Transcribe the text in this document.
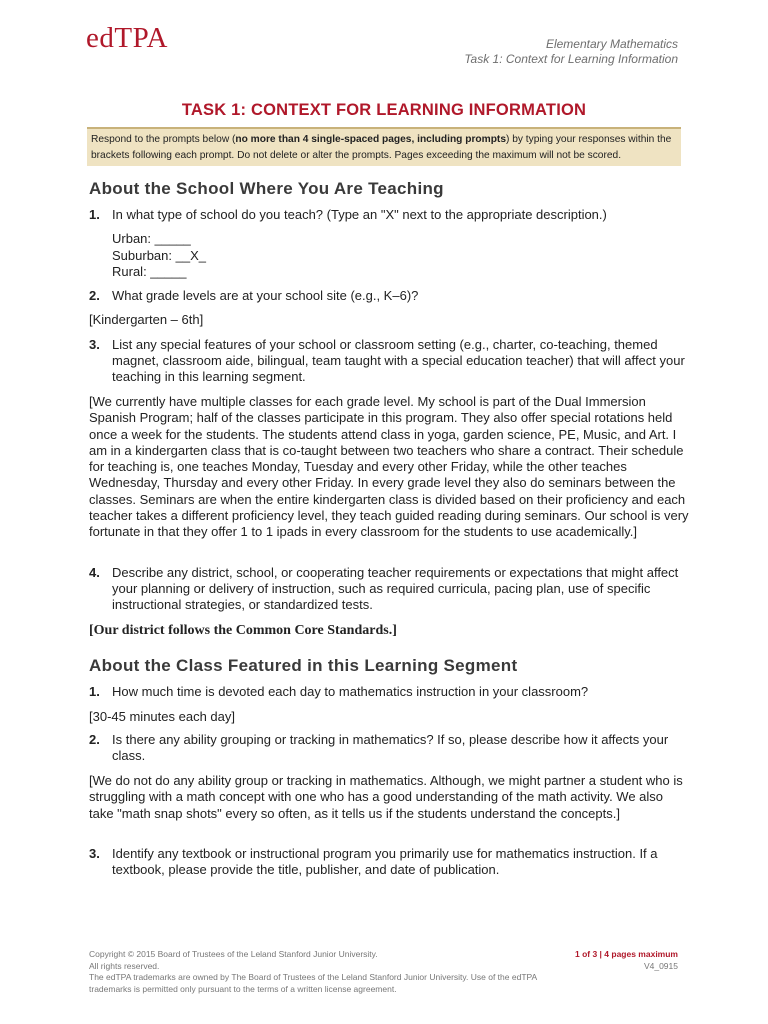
edTPA	Elementary Mathematics
Task 1: Context for Learning Information
TASK 1: CONTEXT FOR LEARNING INFORMATION
Respond to the prompts below (no more than 4 single-spaced pages, including prompts) by typing your responses within the brackets following each prompt. Do not delete or alter the prompts. Pages exceeding the maximum will not be scored.
About the School Where You Are Teaching
1. In what type of school do you teach? (Type an "X" next to the appropriate description.)
Urban: _____
Suburban: __X_
Rural: _____
2. What grade levels are at your school site (e.g., K–6)?
[Kindergarten – 6th]
3. List any special features of your school or classroom setting (e.g., charter, co-teaching, themed magnet, classroom aide, bilingual, team taught with a special education teacher) that will affect your teaching in this learning segment.
[We currently have multiple classes for each grade level. My school is part of the Dual Immersion Spanish Program; half of the classes participate in this program. They also offer special rotations held once a week for the students. The students attend class in yoga, garden science, PE, Music, and Art. I am in a kindergarten class that is co-taught between two teachers who share a contract. Their schedule for teaching is, one teaches Monday, Tuesday and every other Friday, while the other teaches Wednesday, Thursday and every other Friday. In every grade level they also do seminars between the classes. Seminars are when the entire kindergarten class is divided based on their proficiency and each teacher takes a different proficiency level, they teach guided reading during seminars. Our school is very fortunate in that they offer 1 to 1 ipads in every classroom for the students to use academically.]
4. Describe any district, school, or cooperating teacher requirements or expectations that might affect your planning or delivery of instruction, such as required curricula, pacing plan, use of specific instructional strategies, or standardized tests.
[Our district follows the Common Core Standards.]
About the Class Featured in this Learning Segment
1. How much time is devoted each day to mathematics instruction in your classroom?
[30-45 minutes each day]
2. Is there any ability grouping or tracking in mathematics? If so, please describe how it affects your class.
[We do not do any ability group or tracking in mathematics. Although, we might partner a student who is struggling with a math concept with one who has a good understanding of the math activity. We also take "math snap shots" every so often, as it tells us if the students understand the concepts.]
3. Identify any textbook or instructional program you primarily use for mathematics instruction. If a textbook, please provide the title, publisher, and date of publication.
Copyright © 2015 Board of Trustees of the Leland Stanford Junior University.
All rights reserved.
The edTPA trademarks are owned by The Board of Trustees of the Leland Stanford Junior University. Use of the edTPA trademarks is permitted only pursuant to the terms of a written license agreement.
1 of 3 | 4 pages maximum
V4_0915
